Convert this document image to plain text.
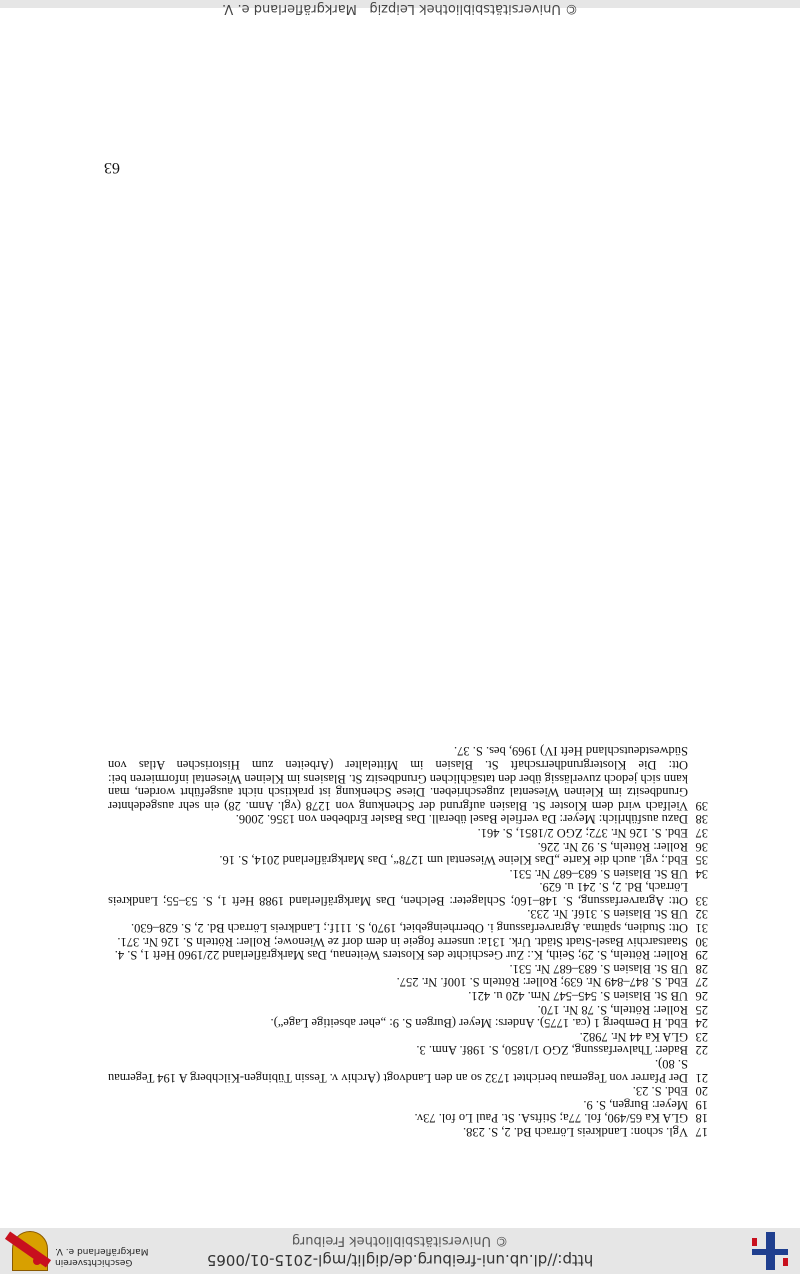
http://dl.ub.uni-freiburg.de/diglit/mgl-2015-01/0065
© Universitätsbibliothek Freiburg
Geschichtsverein
Markgräflerland e. V.
17
Vgl. schon: Landkreis Lörrach Bd. 2, S. 238.
18
GLA Ka 65/490, fol. 77a; StiftsA. St. Paul Lo fol. 73v.
19
Meyer: Burgen, S. 9.
20
Ebd. S. 23.
21
Der Pfarrer von Tegernau berichtet 1732 so an den Landvogt (Archiv v. Tessin Tübingen-Kilchberg A 194 Tegernau S. 80).
22
Bader: Thalverfassung, ZGO 1/1850, S. 198f. Anm. 3.
23
GLA Ka 44 Nr. 7982.
24
Ebd. H Demberg 1 (ca. 1775). Anders: Meyer (Burgen S. 9: „eher abseitige Lage“).
25
Roller: Rötteln, S. 78 Nr. 170.
26
UB St. Blasien S. 545–547 Nrn. 420 u. 421.
27
Ebd. S. 847–849 Nr. 639; Roller: Rötteln S. 100f. Nr. 257.
28
UB St. Blasien S. 683–687 Nr. 531.
29
Roller: Rötteln, S. 29; Seith, K.: Zur Geschichte des Klosters Weitenau, Das Markgräflerland 22/1960 Heft 1, S. 4.
30
Staatsarchiv Basel-Stadt Städt. Urk. 131a: unserre fogeie in dem dorf ze Wienowe; Roller: Rötteln S. 126 Nr. 371.
31
Ott: Studien, spätma. Agrarverfassung i. Oberrheingebiet, 1970, S. 111f.; Landkreis Lörrach Bd. 2, S. 628–630.
32
UB St. Blasien S. 316f. Nr. 233.
33
Ott: Agrarverfassung, S. 148–160; Schlageter: Belchen, Das Markgräflerland 1988 Heft 1, S. 53–55; Landkreis Lörrach, Bd. 2, S. 241 u. 629.
34
UB St. Blasien S. 683–687 Nr. 531.
35
Ebd.; vgl. auch die Karte „Das Kleine Wiesental um 1278“, Das Markgräflerland 2014, S. 16.
36
Roller: Rötteln, S. 92 Nr. 226.
37
Ebd. S. 126 Nr. 372; ZGO 2/1851, S. 461.
38
Dazu ausführlich: Meyer: Da verfiele Basel überall. Das Basler Erdbeben von 1356. 2006.
39
Vielfach wird dem Kloster St. Blasien aufgrund der Schenkung von 1278 (vgl. Anm. 28) ein sehr ausgedehnter Grundbesitz im Kleinen Wiesental zugeschrieben. Diese Schenkung ist praktisch nicht ausgeführt worden, man kann sich jedoch zuverlässig über den tatsächlichen Grundbesitz St. Blasiens im Kleinen Wiesental informieren bei: Ott: Die Klostergrundherrschaft St. Blasien im Mittelalter (Arbeiten zum Historischen Atlas von Südwestdeutschland Heft IV) 1969, bes. S. 37.
63
© Universitätsbibliothek Leipzig   Markgräflerland e. V.
